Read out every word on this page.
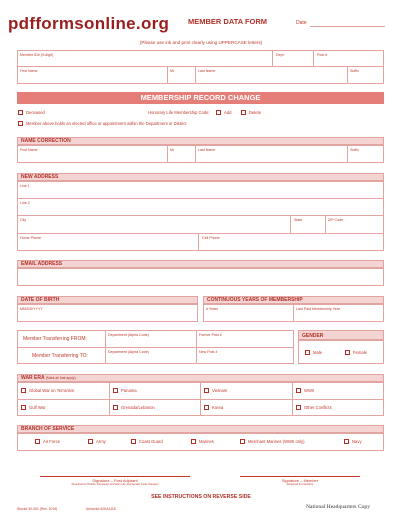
pdfformsonline.org	MEMBER DATA FORM	Date
(Please use ink and print clearly using UPPERCASE letters)
Member ID# (9-digit)	Dept.	Post #
First Name	MI	Last Name	Suffix
MEMBERSHIP RECORD CHANGE
Deceased	Honorary Life Membership Code:	Add	Delete
Member above holds an elected office or appointment within the Department or District
NAME CORRECTION
First Name	MI	Last Name	Suffix
NEW ADDRESS
Line 1
Line 2
City	State	ZIP Code
Home Phone	Cell Phone
EMAIL ADDRESS
DATE OF BIRTH
MM/DD/YYYY
CONTINUOUS YEARS OF MEMBERSHIP
# Years	Last Paid Membership Year
Member Transferring FROM:
Member Transferring TO:
Department (Alpha Code)	Former Post #
Department (Alpha Code)	New Post #
GENDER
Male	Female
WAR ERA (Mark all that apply)
Global War on Terrorism	Panama	Vietnam	WWII
Gulf War	Grenada/Lebanon	Korea	Other Conflicts
BRANCH OF SERVICE
Air Force	Army	Coast Guard	Marines	Merchant Marines (WWII only)	Navy
Signature – Post Adjutant
(Required for Deaths, Deceased, Honorary Life and Gender Code changes)
Signature – Member
(Required for transfers)
SEE INSTRUCTIONS ON REVERSE SIDE
Stock# 30-051 (Rev. 2019)	Artwork# 62KA1118	National Headquarters Copy
